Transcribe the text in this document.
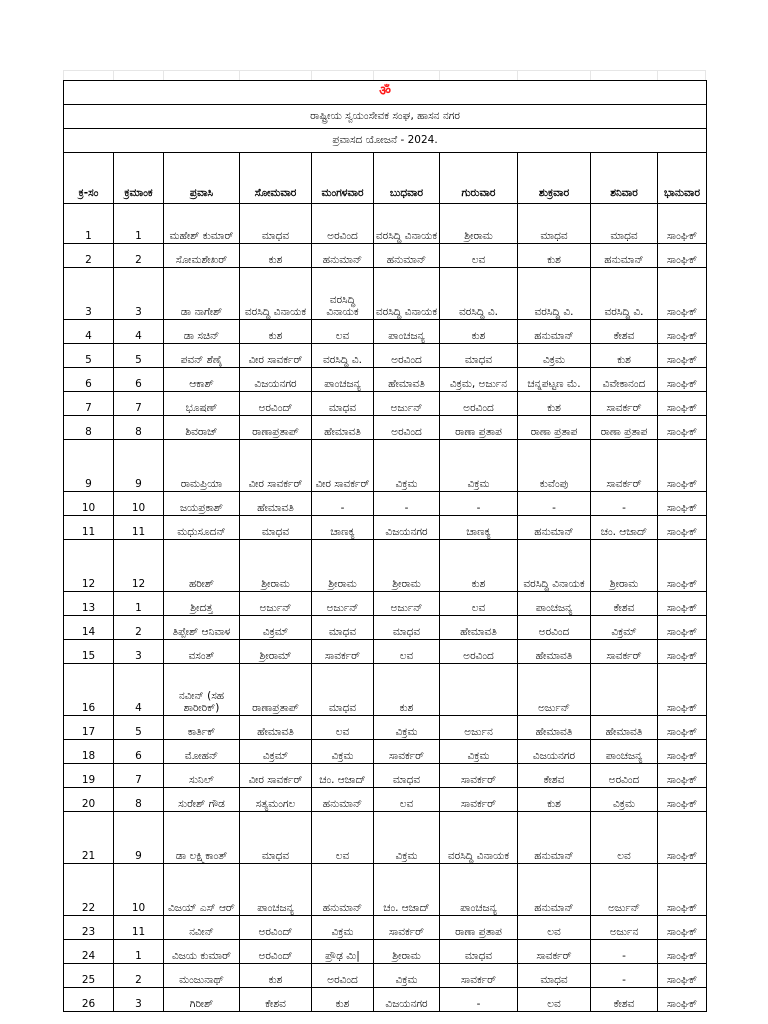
ॐ									
ರಾಷ್ಟ್ರೀಯ ಸ್ವಯಂಸೇವಕ ಸಂಘ, ಹಾಸನ ನಗರ									
ಪ್ರವಾಸದ ಯೋಜನೆ - 2024.									
ಕ್ರ-ಸಂ	ಕ್ರಮಾಂಕ	ಪ್ರವಾಸಿ	ಸೋಮವಾರ	ಮಂಗಳವಾರ	ಬುಧವಾರ	ಗುರುವಾರ	ಶುಕ್ರವಾರ	ಶನಿವಾರ	ಭಾನುವಾರ
1	1	ಮಹೇಶ್ ಕುಮಾರ್	ಮಾಧವ	ಅರವಿಂದ	ವರಸಿದ್ಧಿ ವಿನಾಯಕ	ಶ್ರೀರಾಮ	ಮಾಧವ	ಮಾಧವ	ಸಾಂಘಿಕ್
2	2	ಸೋಮಶೇಖರ್	ಕುಶ	ಹನುಮಾನ್	ಹನುಮಾನ್	ಲವ	ಕುಶ	ಹನುಮಾನ್	ಸಾಂಘಿಕ್
3	3	ಡಾ ನಾಗೇಶ್	ವರಸಿದ್ಧಿ ವಿನಾಯಕ	ವರಸಿದ್ಧಿ ವಿನಾಯಕ	ವರಸಿದ್ಧಿ ವಿನಾಯಕ	ವರಸಿದ್ಧಿ ವಿ.	ವರಸಿದ್ಧಿ ವಿ.	ವರಸಿದ್ಧಿ ವಿ.	ಸಾಂಘಿಕ್
4	4	ಡಾ ಸಚಿನ್	ಕುಶ	ಲವ	ಪಾಂಚಜನ್ಯ	ಕುಶ	ಹನುಮಾನ್	ಕೇಶವ	ಸಾಂಘಿಕ್
5	5	ಪವನ್ ಶೆಣೈ	ವೀರ ಸಾವರ್ಕರ್	ವರಸಿದ್ಧಿ ವಿ.	ಅರವಿಂದ	ಮಾಧವ	ವಿಕ್ರಮ	ಕುಶ	ಸಾಂಘಿಕ್
6	6	ಆಕಾಶ್	ವಿಜಯನಗರ	ಪಾಂಚಜನ್ಯ	ಹೇಮಾವತಿ	ವಿಕ್ರಮ, ಅರ್ಜುನ	ಚನ್ನಪಟ್ಟಣ ಮೆ.	ವಿವೇಕಾನಂದ	ಸಾಂಘಿಕ್
7	7	ಭೂಷಣ್	ಅರವಿಂದ್	ಮಾಧವ	ಅರ್ಜುನ್	ಅರವಿಂದ	ಕುಶ	ಸಾವರ್ಕರ್	ಸಾಂಘಿಕ್
8	8	ಶಿವರಾಜ್	ರಾಣಾಪ್ರತಾಪ್	ಹೇಮಾವತಿ	ಅರವಿಂದ	ರಾಣಾ ಪ್ರತಾಪ	ರಾಣಾ ಪ್ರತಾಪ	ರಾಣಾ ಪ್ರತಾಪ	ಸಾಂಘಿಕ್
9	9	ರಾಮಪ್ರಿಯಾ	ವೀರ ಸಾವರ್ಕರ್	ವೀರ ಸಾವರ್ಕರ್	ವಿಕ್ರಮ	ವಿಕ್ರಮ	ಕುವೆಂಪು	ಸಾವರ್ಕರ್	ಸಾಂಘಿಕ್
10	10	ಜಯಪ್ರಕಾಶ್	ಹೇಮಾವತಿ	-	-	-	-	-	ಸಾಂಘಿಕ್
11	11	ಮಧುಸೂದನ್	ಮಾಧವ	ಚಾಣಕ್ಯ	ವಿಜಯನಗರ	ಚಾಣಕ್ಯ	ಹನುಮಾನ್	ಚಂ. ಆಜಾದ್	ಸಾಂಘಿಕ್
12	12	ಹರೀಶ್	ಶ್ರೀರಾಮ	ಶ್ರೀರಾಮ	ಶ್ರೀರಾಮ	ಕುಶ	ವರಸಿದ್ಧಿ ವಿನಾಯಕ	ಶ್ರೀರಾಮ	ಸಾಂಘಿಕ್
13	1	ಶ್ರೀದತ್ತ	ಅರ್ಜುನ್	ಅರ್ಜುನ್	ಅರ್ಜುನ್	ಲವ	ಪಾಂಚಜನ್ಯ	ಕೇಶವ	ಸಾಂಘಿಕ್
14	2	ತಿಪ್ಪೇಶ್ ಆನಿವಾಳ	ವಿಕ್ರಮ್	ಮಾಧವ	ಮಾಧವ	ಹೇಮಾವತಿ	ಅರವಿಂದ	ವಿಕ್ರಮ್	ಸಾಂಘಿಕ್
15	3	ವಸಂತ್	ಶ್ರೀರಾಮ್	ಸಾವರ್ಕರ್	ಲವ	ಅರವಿಂದ	ಹೇಮಾವತಿ	ಸಾವರ್ಕರ್	ಸಾಂಘಿಕ್
16	4	ನವೀನ್ (ಸಹ ಶಾರೀರಿಕ್)	ರಾಣಾಪ್ರತಾಪ್	ಮಾಧವ	ಕುಶ		ಅರ್ಜುನ್		ಸಾಂಘಿಕ್
17	5	ಕಾರ್ತಿಕ್	ಹೇಮಾವತಿ	ಲವ	ವಿಕ್ರಮ	ಅರ್ಜುನ	ಹೇಮಾವತಿ	ಹೇಮಾವತಿ	ಸಾಂಘಿಕ್
18	6	ಮೋಹನ್	ವಿಕ್ರಮ್	ವಿಕ್ರಮ	ಸಾವರ್ಕರ್	ವಿಕ್ರಮ	ವಿಜಯನಗರ	ಪಾಂಚಜನ್ಯ	ಸಾಂಘಿಕ್
19	7	ಸುನಿಲ್	ವೀರ ಸಾವರ್ಕರ್	ಚಂ. ಆಜಾದ್	ಮಾಧವ	ಸಾವರ್ಕರ್	ಕೇಶವ	ಅರವಿಂದ	ಸಾಂಘಿಕ್
20	8	ಸುರೇಶ್ ಗೌಡ	ಸತ್ಯಮಂಗಲ	ಹನುಮಾನ್	ಲವ	ಸಾವರ್ಕರ್	ಕುಶ	ವಿಕ್ರಮ	ಸಾಂಘಿಕ್
21	9	ಡಾ ಲಕ್ಷ್ಮಿಕಾಂತ್	ಮಾಧವ	ಲವ	ವಿಕ್ರಮ	ವರಸಿದ್ಧಿ ವಿನಾಯಕ	ಹನುಮಾನ್	ಲವ	ಸಾಂಘಿಕ್
22	10	ವಿಜಯ್ ಎಸ್ ಆರ್	ಪಾಂಚಜನ್ಯ	ಹನುಮಾನ್	ಚಂ. ಆಜಾದ್	ಪಾಂಚಜನ್ಯ	ಹನುಮಾನ್	ಅರ್ಜುನ್	ಸಾಂಘಿಕ್
23	11	ನವೀನ್	ಅರವಿಂದ್	ವಿಕ್ರಮ	ಸಾವರ್ಕರ್	ರಾಣಾ ಪ್ರತಾಪ	ಲವ	ಅರ್ಜುನ	ಸಾಂಘಿಕ್
24	1	ವಿಜಯ ಕುಮಾರ್	ಅರವಿಂದ್	ಪ್ರೌಢ ಮಿ|	ಶ್ರೀರಾಮ	ಮಾಧವ	ಸಾವರ್ಕರ್	-	ಸಾಂಘಿಕ್
25	2	ಮಂಜುನಾಥ್	ಕುಶ	ಅರವಿಂದ	ವಿಕ್ರಮ	ಸಾವರ್ಕರ್	ಮಾಧವ	-	ಸಾಂಘಿಕ್
26	3	ಗಿರೀಶ್	ಕೇಶವ	ಕುಶ	ವಿಜಯನಗರ	-	ಲವ	ಕೇಶವ	ಸಾಂಘಿಕ್
